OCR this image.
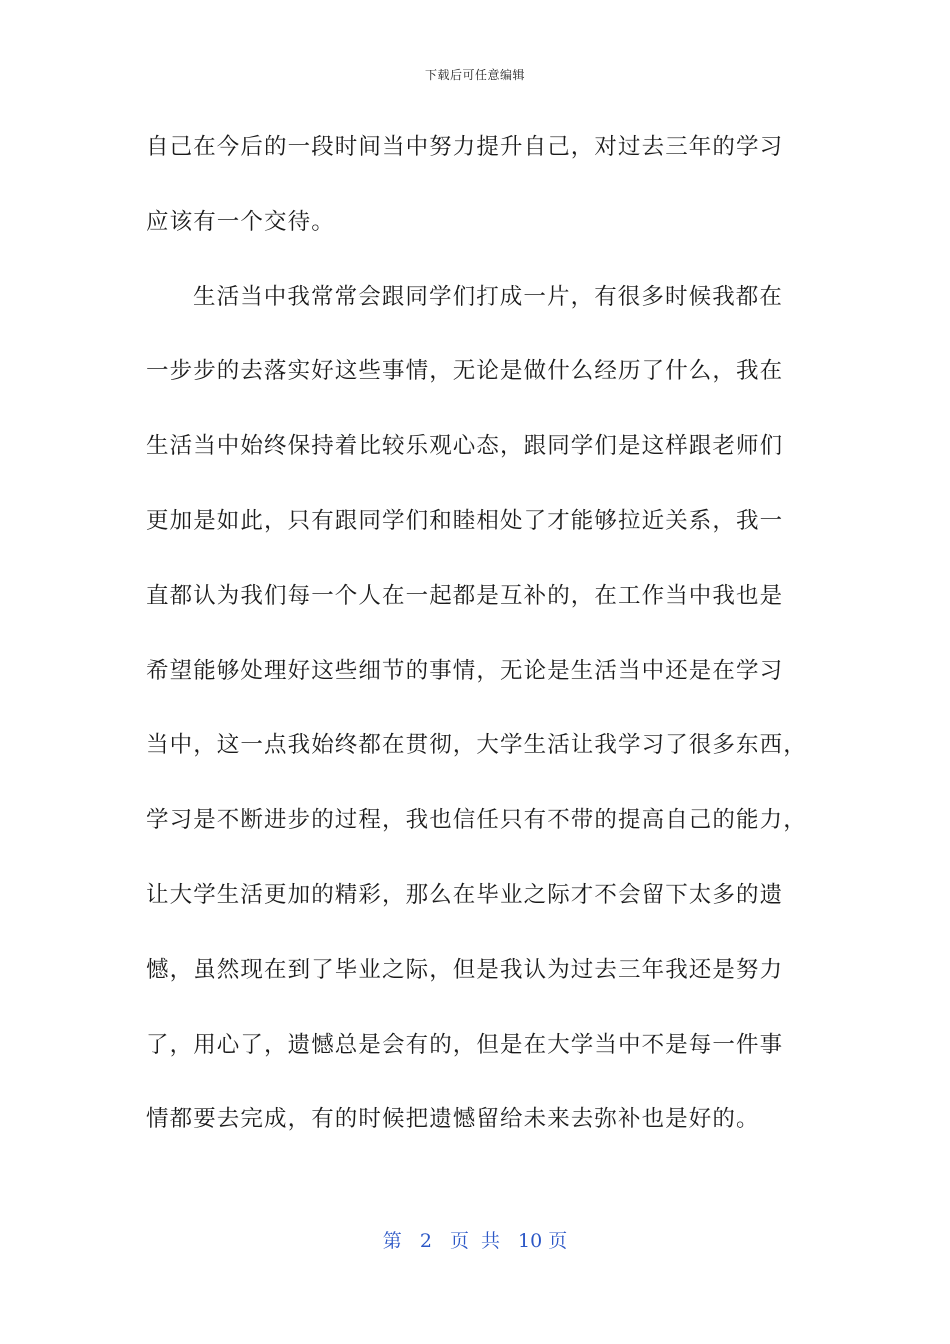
下载后可任意编辑
自己在今后的一段时间当中努力提升自己，对过去三年的学习
应该有一个交待。
生活当中我常常会跟同学们打成一片，有很多时候我都在
一步步的去落实好这些事情，无论是做什么经历了什么，我在
生活当中始终保持着比较乐观心态，跟同学们是这样跟老师们
更加是如此，只有跟同学们和睦相处了才能够拉近关系，我一
直都认为我们每一个人在一起都是互补的，在工作当中我也是
希望能够处理好这些细节的事情，无论是生活当中还是在学习
当中，这一点我始终都在贯彻，大学生活让我学习了很多东西，
学习是不断进步的过程，我也信任只有不带的提高自己的能力，
让大学生活更加的精彩，那么在毕业之际才不会留下太多的遗
憾，虽然现在到了毕业之际，但是我认为过去三年我还是努力
了，用心了，遗憾总是会有的，但是在大学当中不是每一件事
情都要去完成，有的时候把遗憾留给未来去弥补也是好的。
第 2 页 共 10 页
